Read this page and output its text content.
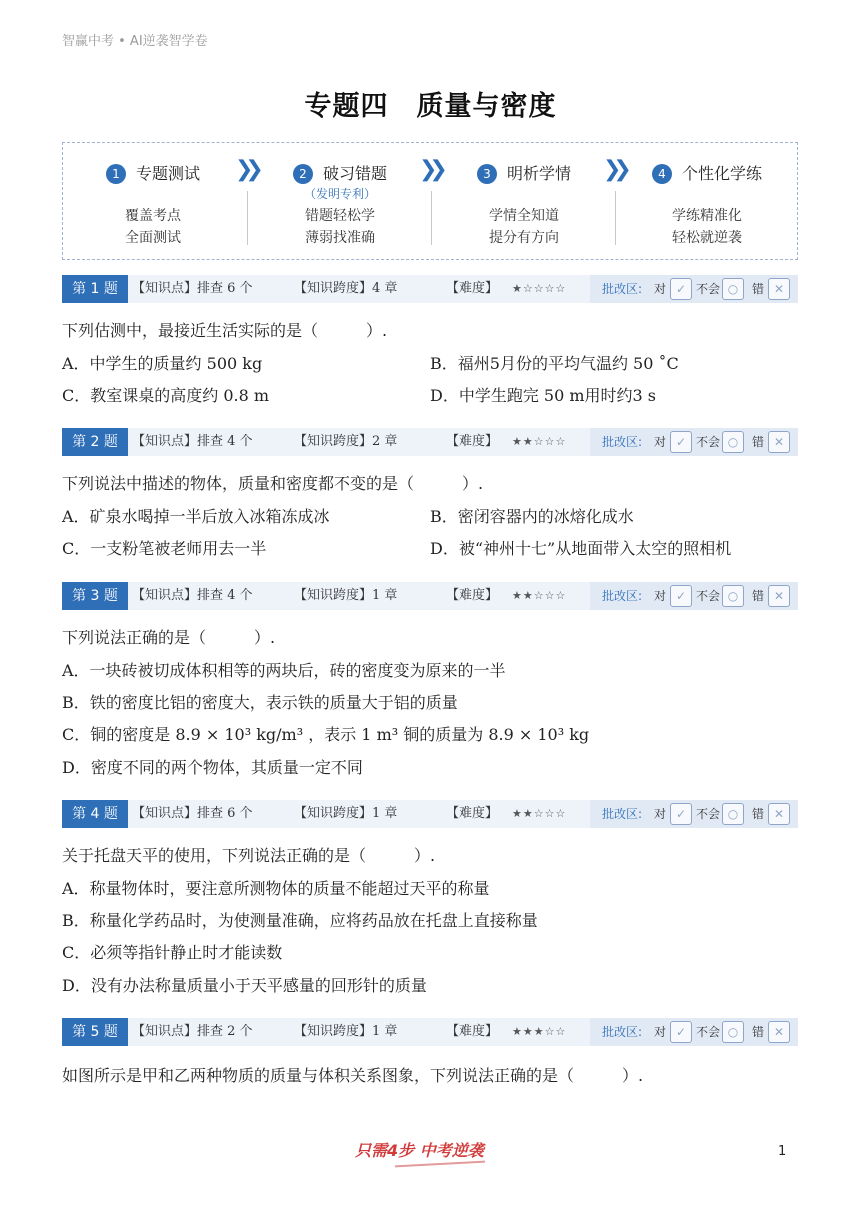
智赢中考 • AI逆袭智学卷
专题四　质量与密度
1 专题测试
覆盖考点
全面测试
❯❯	2 破习错题
（发明专利）
错题轻松学
薄弱找准确
❯❯	3 明析学情
学情全知道
提分有方向
❯❯	4 个性化学练
学练精准化
轻松就逆袭
第 1 题	【知识点】排查 6 个	【知识跨度】4 章	【难度】 ★☆☆☆☆	批改区: 对 ✓ 不会 ○	错 ✕
下列估测中，最接近生活实际的是（　　　）.
A．中学生的质量约 500 kg	B．福州5月份的平均气温约 50 ˚C
C．教室课桌的高度约 0.8 m	D．中学生跑完 50 m用时约3 s
第 2 题	【知识点】排查 4 个	【知识跨度】2 章	【难度】 ★★☆☆☆	批改区: 对 ✓ 不会 ○	错 ✕
下列说法中描述的物体，质量和密度都不变的是（　　　）.
A．矿泉水喝掉一半后放入冰箱冻成冰	B．密闭容器内的冰熔化成水
C．一支粉笔被老师用去一半	D．被“神州十七”从地面带入太空的照相机
第 3 题	【知识点】排查 4 个	【知识跨度】1 章	【难度】 ★★☆☆☆	批改区: 对 ✓ 不会 ○	错 ✕
下列说法正确的是（　　　）.
A．一块砖被切成体积相等的两块后，砖的密度变为原来的一半
B．铁的密度比铝的密度大，表示铁的质量大于铝的质量
C．铜的密度是 8.9 × 10³ kg/m³ ，表示 1 m³ 铜的质量为 8.9 × 10³ kg
D．密度不同的两个物体，其质量一定不同
第 4 题	【知识点】排查 6 个	【知识跨度】1 章	【难度】 ★★☆☆☆	批改区: 对 ✓ 不会 ○	错 ✕
关于托盘天平的使用，下列说法正确的是（　　　）.
A．称量物体时，要注意所测物体的质量不能超过天平的称量
B．称量化学药品时，为使测量准确，应将药品放在托盘上直接称量
C．必须等指针静止时才能读数
D．没有办法称量质量小于天平感量的回形针的质量
第 5 题	【知识点】排查 2 个	【知识跨度】1 章	【难度】 ★★★☆☆	批改区: 对 ✓ 不会 ○	错 ✕
如图所示是甲和乙两种物质的质量与体积关系图象，下列说法正确的是（　　　）.
只需4步 中考逆袭	1
